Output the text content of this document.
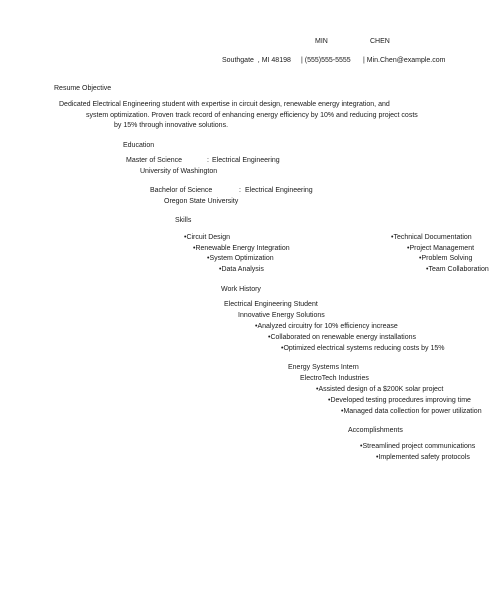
MIN	CHEN

Southgate  , MI 48198 | (555)555-5555 | Min.Chen@example.com

Resume Objective

Dedicated Electrical Engineering student with expertise in circuit design, renewable energy integration, and

system optimization. Proven track record of enhancing energy efficiency by 10% and reducing project costs

by 15% through innovative solutions.

Education

Master of Science	: Electrical Engineering

University of Washington

Bachelor of Science	: Electrical Engineering

Oregon State University

Skills

•Circuit Design

•Renewable Energy Integration

•System Optimization

•Data Analysis

•Technical Documentation

•Project Management

•Problem Solving

•Team Collaboration

Work History

Electrical Engineering Student

Innovative Energy Solutions

•Analyzed circuitry for 10% efficiency increase

•Collaborated on renewable energy installations

•Optimized electrical systems reducing costs by 15%

Energy Systems Intern

ElectroTech Industries

•Assisted design of a $200K solar project

•Developed testing procedures improving time

•Managed data collection for power utilization

Accomplishments

•Streamlined project communications

•Implemented safety protocols
